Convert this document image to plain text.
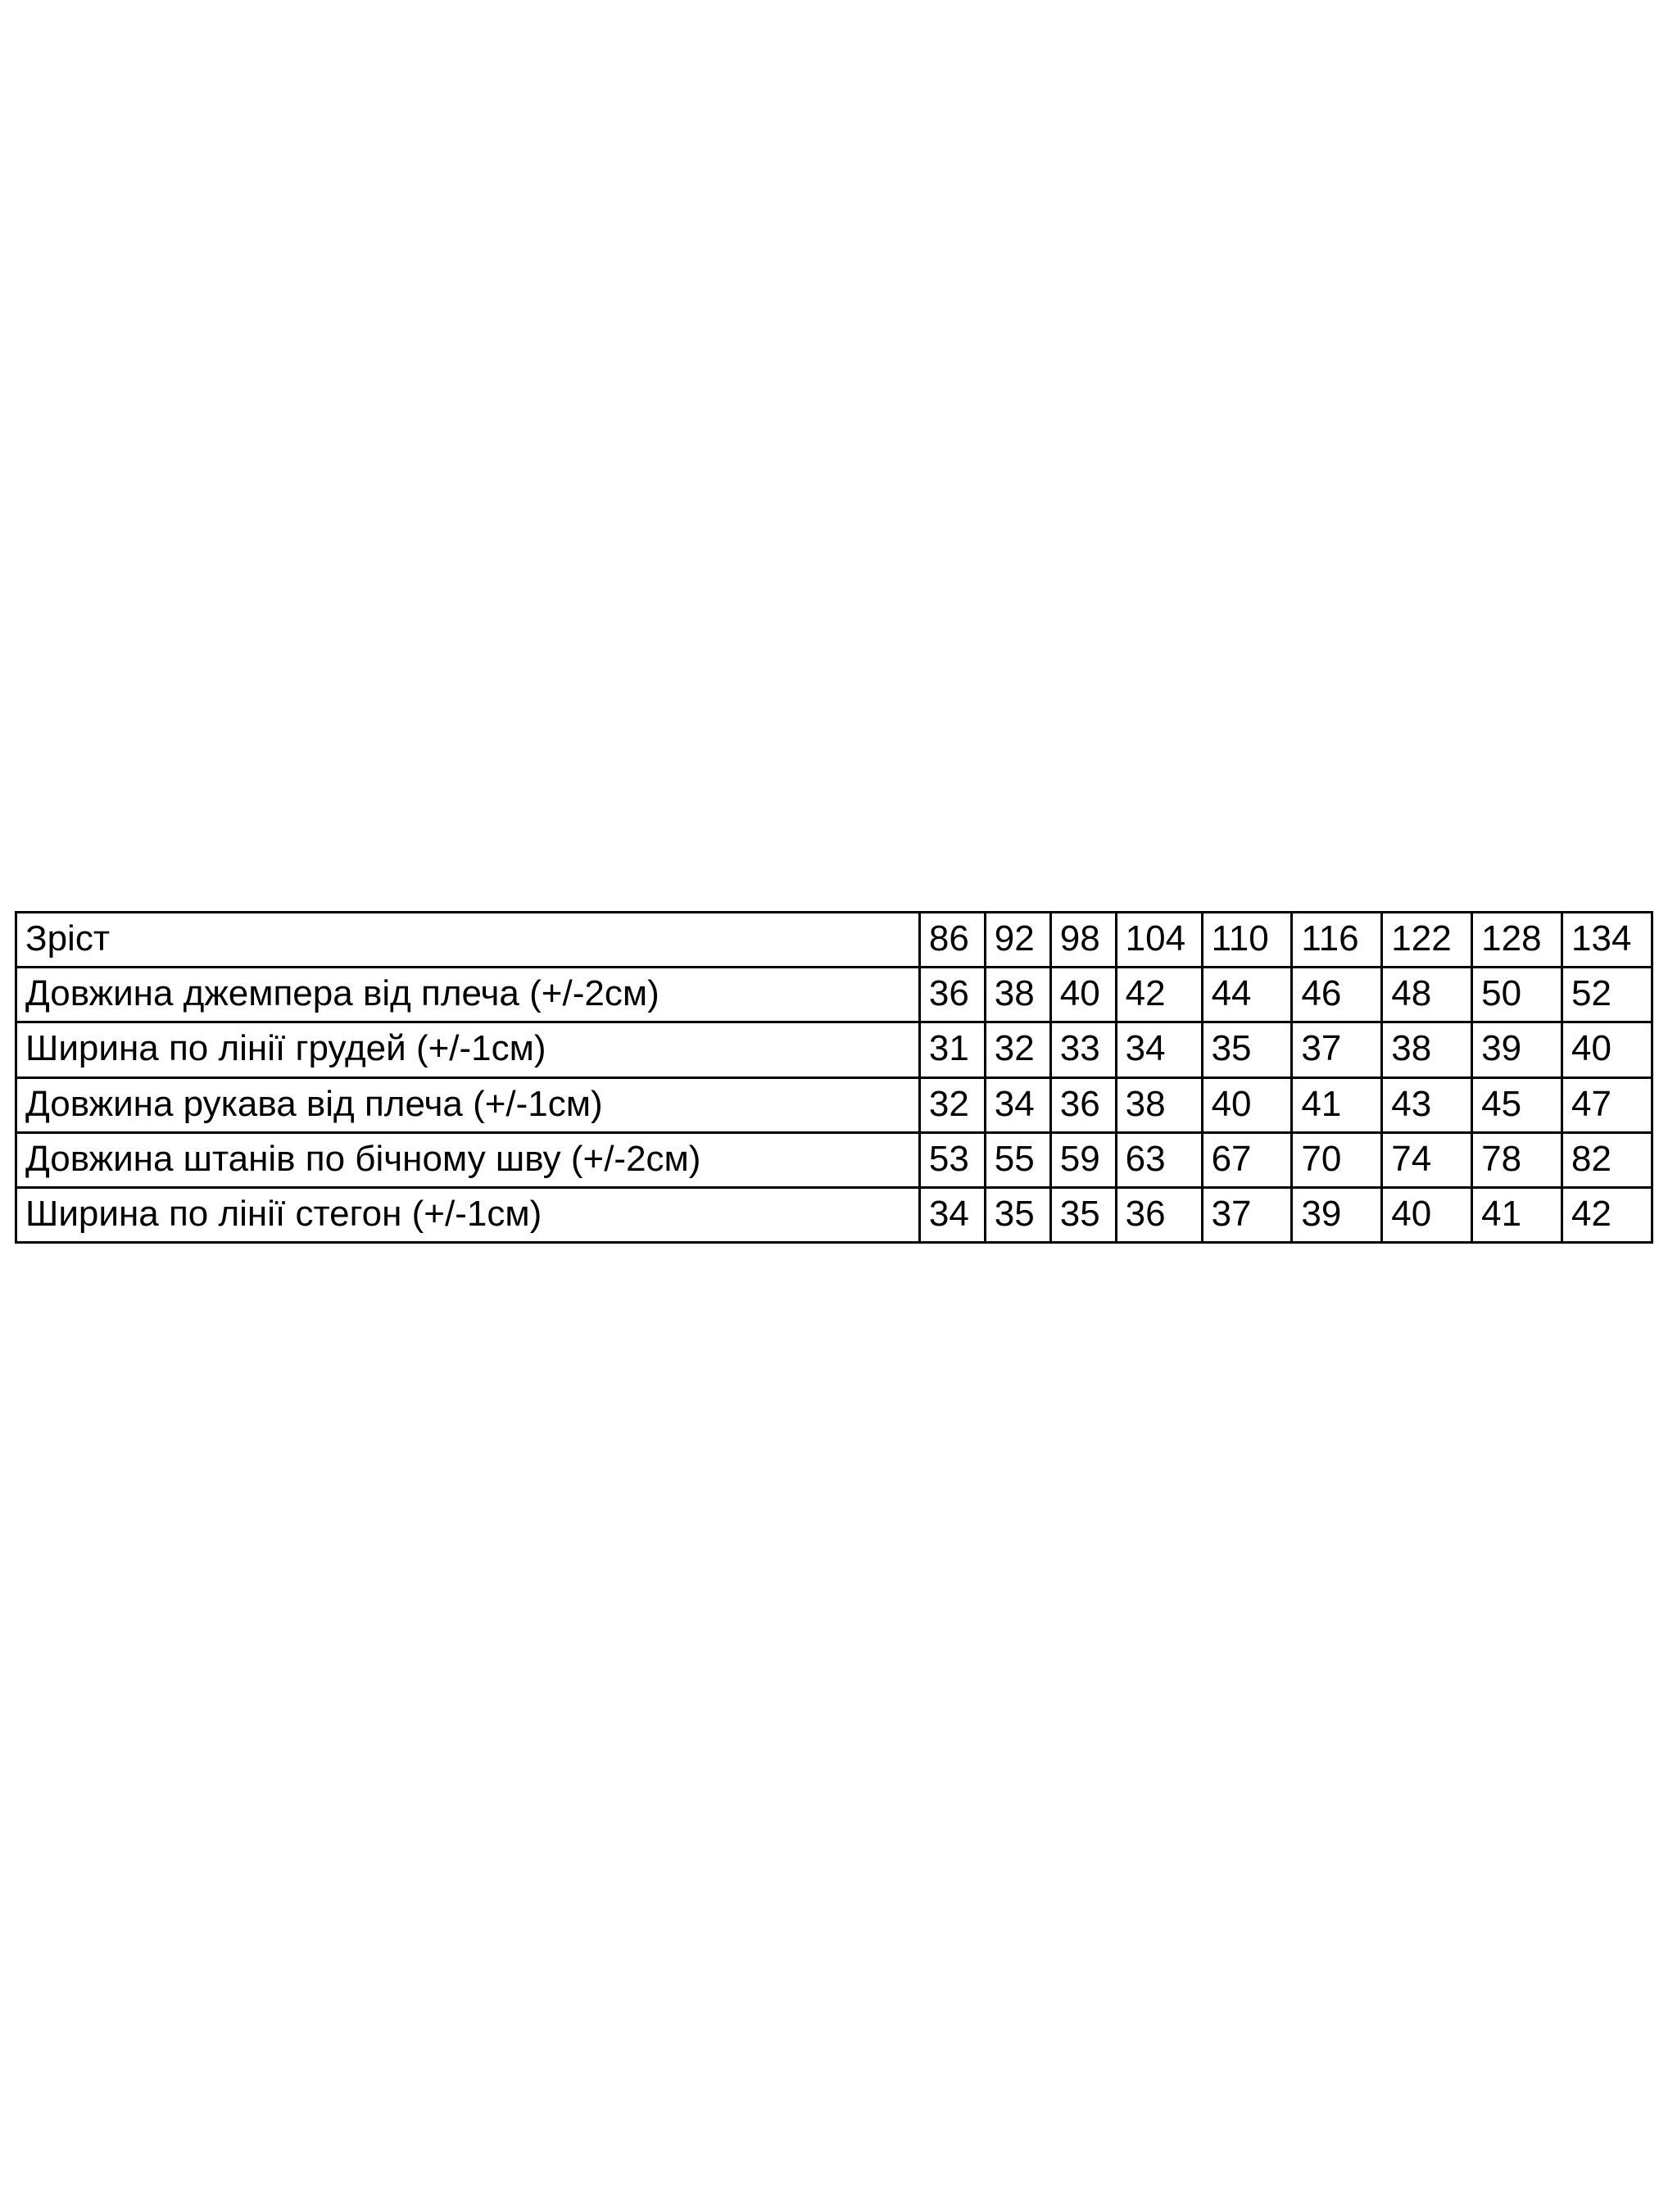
Зріст	86	92	98	104	110	116	122	128	134
Довжина джемпера від плеча (+/-2см)	36	38	40	42	44	46	48	50	52
Ширина по лінії грудей (+/-1см)	31	32	33	34	35	37	38	39	40
Довжина рукава від плеча (+/-1см)	32	34	36	38	40	41	43	45	47
Довжина штанів по бічному шву (+/-2см)	53	55	59	63	67	70	74	78	82
Ширина по лінії стегон (+/-1см)	34	35	35	36	37	39	40	41	42
